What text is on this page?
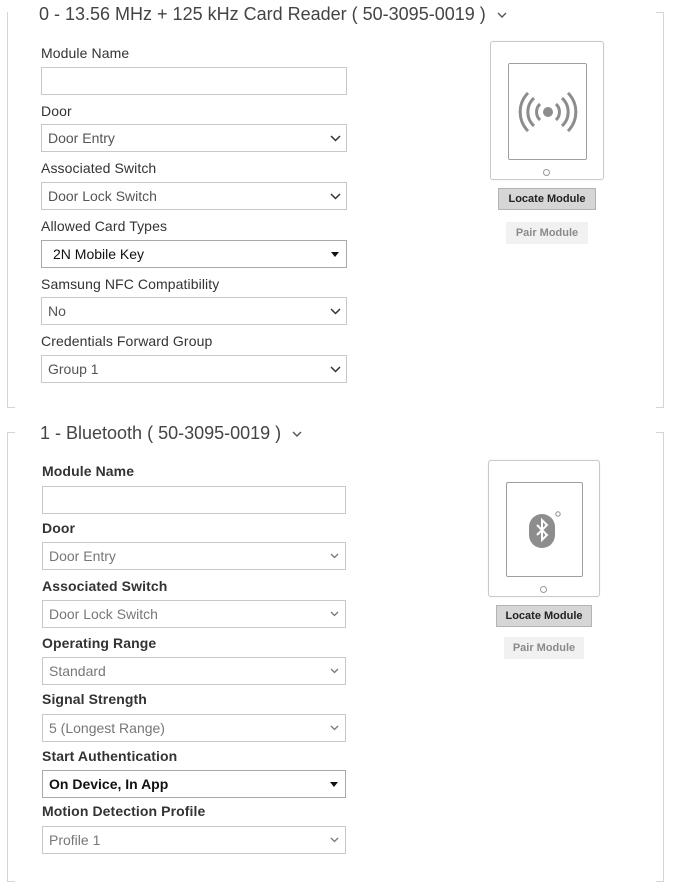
0 - 13.56 MHz + 125 kHz Card Reader ( 50-3095-0019 )
Module Name
Door
Door Entry
Associated Switch
Door Lock Switch
Allowed Card Types
2N Mobile Key
Samsung NFC Compatibility
No
Credentials Forward Group
Group 1
Locate Module
Pair Module
1 - Bluetooth ( 50-3095-0019 )
Module Name
Door
Door Entry
Associated Switch
Door Lock Switch
Operating Range
Standard
Signal Strength
5 (Longest Range)
Start Authentication
On Device, In App
Motion Detection Profile
Profile 1
Locate Module
Pair Module
